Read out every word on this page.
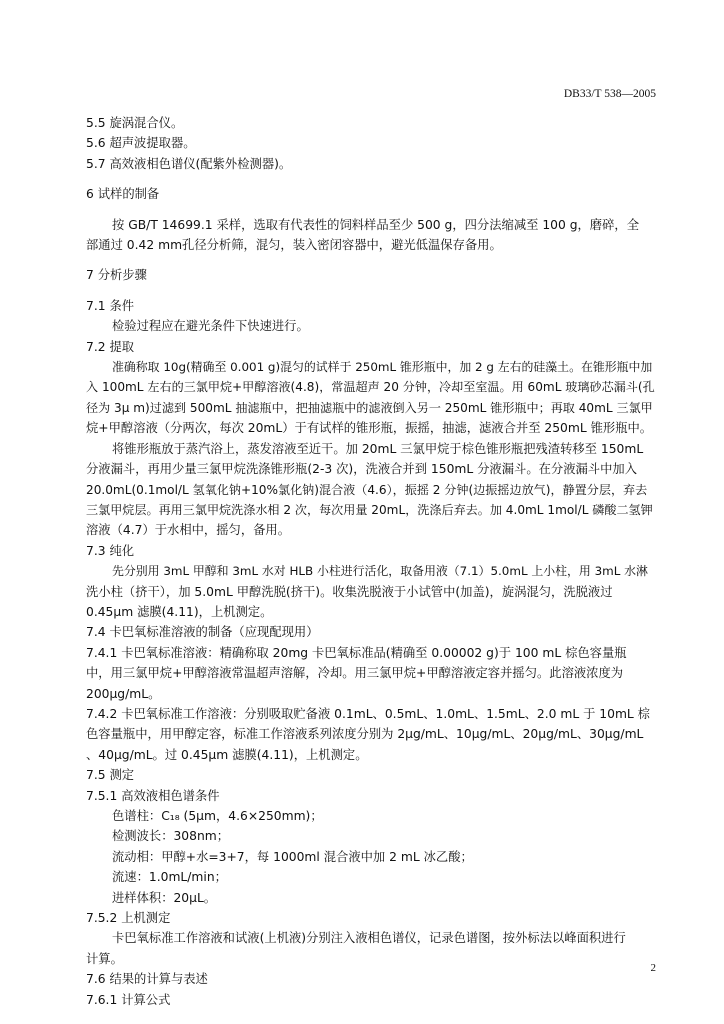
DB33/T 538—2005

5.5 旋涡混合仪。

5.6 超声波提取器。

5.7 高效液相色谱仪(配紫外检测器)。

6 试样的制备

按 GB/T 14699.1 采样，选取有代表性的饲料样品至少 500 g，四分法缩减至 100 g，磨碎，全

部通过 0.42 mm孔径分析筛，混匀，装入密闭容器中，避光低温保存备用。

7 分析步骤

7.1 条件

检验过程应在避光条件下快速进行。

7.2 提取

准确称取 10g(精确至 0.001 g)混匀的试样于 250mL 锥形瓶中，加 2 g 左右的硅藻土。在锥形瓶中加

入 100mL 左右的三氯甲烷+甲醇溶液(4.8)，常温超声 20 分钟，冷却至室温。用 60mL 玻璃砂芯漏斗(孔

径为 3μ m)过滤到 500mL 抽滤瓶中，把抽滤瓶中的滤液倒入另一 250mL 锥形瓶中；再取 40mL 三氯甲

烷+甲醇溶液（分两次，每次 20mL）于有试样的锥形瓶，振摇，抽滤，滤液合并至 250mL 锥形瓶中。

将锥形瓶放于蒸汽浴上，蒸发溶液至近干。加 20mL 三氯甲烷于棕色锥形瓶把残渣转移至 150mL

分液漏斗，再用少量三氯甲烷洗涤锥形瓶(2-3 次)，洗液合并到 150mL 分液漏斗。在分液漏斗中加入

20.0mL(0.1mol/L 氢氧化钠+10%氯化钠)混合液（4.6），振摇 2 分钟(边振摇边放气)，静置分层，弃去

三氯甲烷层。再用三氯甲烷洗涤水相 2 次，每次用量 20mL，洗涤后弃去。加 4.0mL 1mol/L 磷酸二氢钾

溶液（4.7）于水相中，摇匀，备用。

7.3 纯化

先分别用 3mL 甲醇和 3mL 水对 HLB 小柱进行活化，取备用液（7.1）5.0mL 上小柱，用 3mL 水淋

洗小柱（挤干），加 5.0mL 甲醇洗脱(挤干)。收集洗脱液于小试管中(加盖)，旋涡混匀，洗脱液过

0.45μm 滤膜(4.11)，上机测定。

7.4 卡巴氧标准溶液的制备（应现配现用）

7.4.1 卡巴氧标准溶液：精确称取 20mg 卡巴氧标准品(精确至 0.00002 g)于 100 mL 棕色容量瓶

中，用三氯甲烷+甲醇溶液常温超声溶解，冷却。用三氯甲烷+甲醇溶液定容并摇匀。此溶液浓度为

200μg/mL。

7.4.2 卡巴氧标准工作溶液：分别吸取贮备液 0.1mL、0.5mL、1.0mL、1.5mL、2.0 mL 于 10mL 棕

色容量瓶中，用甲醇定容，标准工作溶液系列浓度分别为 2μg/mL、10μg/mL、20μg/mL、30μg/mL

、40μg/mL。过 0.45μm 滤膜(4.11)，上机测定。

7.5 测定

7.5.1 高效液相色谱条件

色谱柱：C₁₈ (5μm，4.6×250mm)；

检测波长：308nm；

流动相：甲醇+水=3+7，每 1000ml 混合液中加 2 mL 冰乙酸；

流速：1.0mL/min；

进样体积：20μL。

7.5.2 上机测定

卡巴氧标准工作溶液和试液(上机液)分别注入液相色谱仪，记录色谱图，按外标法以峰面积进行

计算。

7.6 结果的计算与表述

7.6.1 计算公式

2
